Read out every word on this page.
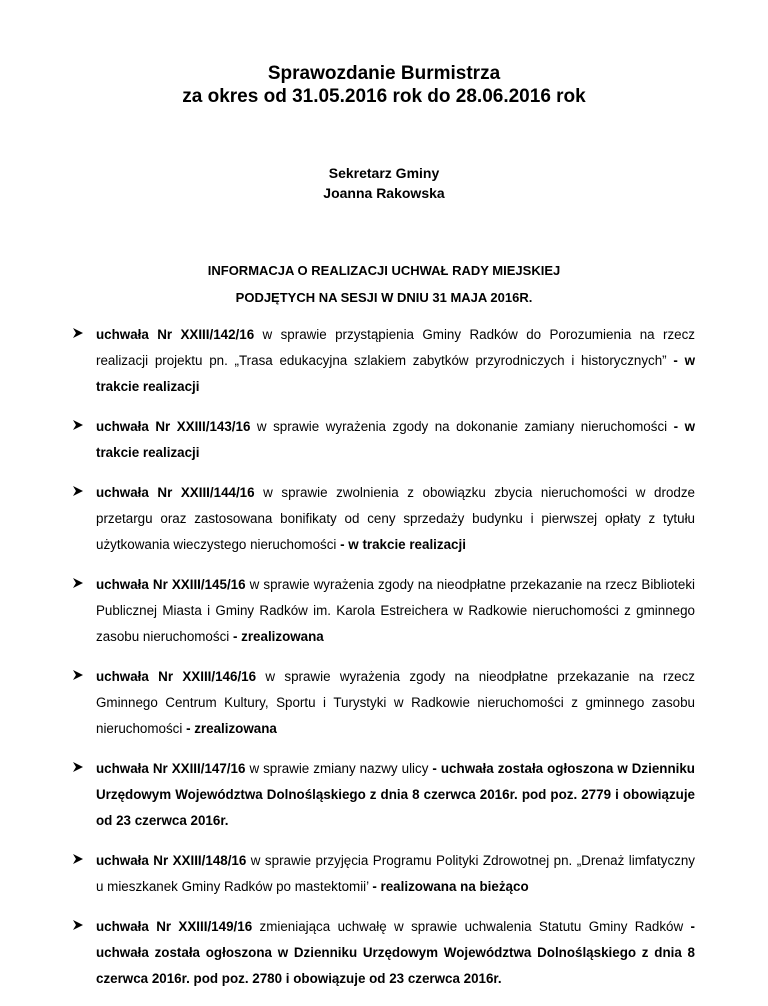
Sprawozdanie Burmistrza
za okres od 31.05.2016 rok do 28.06.2016 rok
Sekretarz Gminy
Joanna Rakowska
INFORMACJA O REALIZACJI UCHWAŁ RADY MIEJSKIEJ
PODJĘTYCH NA SESJI W DNIU 31 MAJA 2016R.
uchwała Nr XXIII/142/16 w sprawie przystąpienia Gminy Radków do Porozumienia na rzecz realizacji projektu pn. „Trasa edukacyjna szlakiem zabytków przyrodniczych i historycznych” - w trakcie realizacji
uchwała Nr XXIII/143/16 w sprawie wyrażenia zgody na dokonanie zamiany nieruchomości - w trakcie realizacji
uchwała Nr XXIII/144/16 w sprawie zwolnienia z obowiązku zbycia nieruchomości w drodze przetargu oraz zastosowana bonifikaty od ceny sprzedaży budynku i pierwszej opłaty z tytułu użytkowania wieczystego nieruchomości - w trakcie realizacji
uchwała Nr XXIII/145/16 w sprawie wyrażenia zgody na nieodpłatne przekazanie na rzecz Biblioteki Publicznej Miasta i Gminy Radków im. Karola Estreichera w Radkowie nieruchomości z gminnego zasobu nieruchomości - zrealizowana
uchwała Nr XXIII/146/16 w sprawie wyrażenia zgody na nieodpłatne przekazanie na rzecz Gminnego Centrum Kultury, Sportu i Turystyki w Radkowie nieruchomości z gminnego zasobu nieruchomości - zrealizowana
uchwała Nr XXIII/147/16 w sprawie zmiany nazwy ulicy - uchwała została ogłoszona w Dzienniku Urzędowym Województwa Dolnośląskiego z dnia 8 czerwca 2016r. pod poz. 2779 i obowiązuje od 23 czerwca 2016r.
uchwała Nr XXIII/148/16 w sprawie przyjęcia Programu Polityki Zdrowotnej pn. „Drenaż limfatyczny u mieszkanek Gminy Radków po mastektomii’ - realizowana na bieżąco
uchwała Nr XXIII/149/16 zmieniająca uchwałę w sprawie uchwalenia Statutu Gminy Radków - uchwała została ogłoszona w Dzienniku Urzędowym Województwa Dolnośląskiego z dnia 8 czerwca 2016r. pod poz. 2780 i obowiązuje od 23 czerwca 2016r.
